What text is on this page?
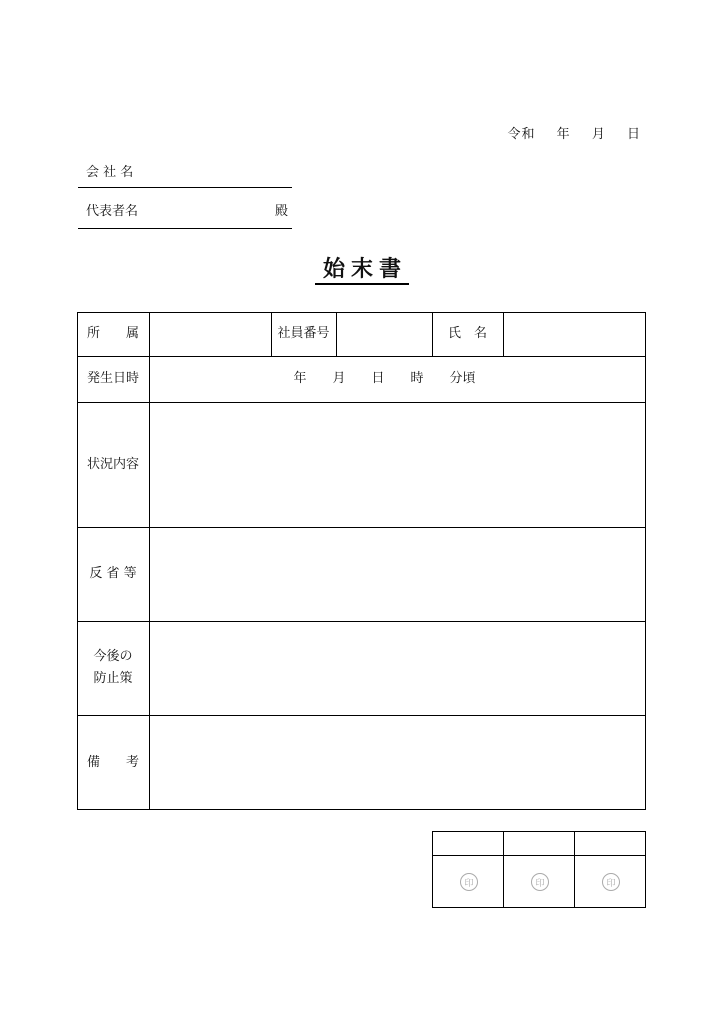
令和 年 月 日
会 社 名
代表者名	殿
始末書
所　　属	社員番号	氏　名
発生日時	年　　月　　日　　時　　分頃
状況内容
反 省 等
今後の
防止策
備　　考
印	印	印
